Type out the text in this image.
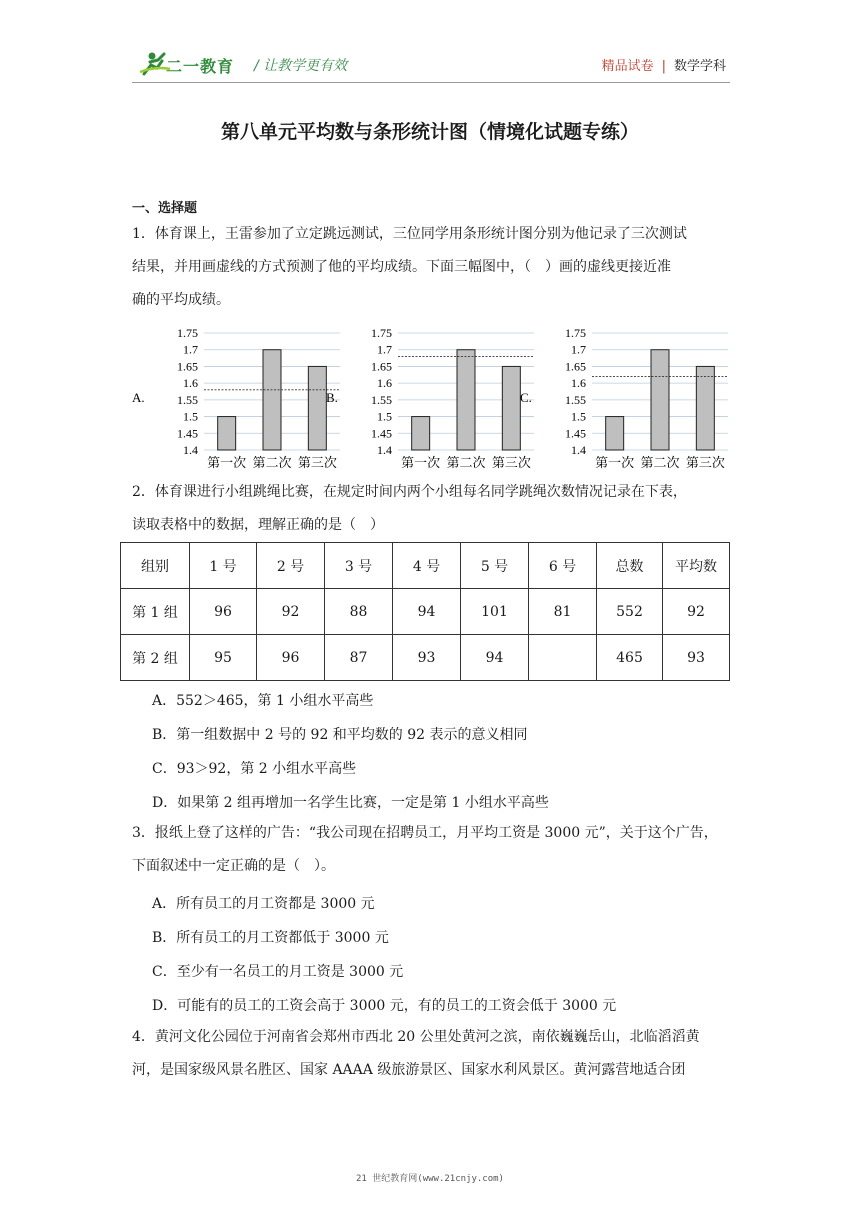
二一教育 / 让教学更有效	精品试卷 | 数学学科
第八单元平均数与条形统计图（情境化试题专练）
一、选择题

1．体育课上，王雷参加了立定跳远测试，三位同学用条形统计图分别为他记录了三次测试

结果，并用画虚线的方式预测了他的平均成绩。下面三幅图中，（　）画的虚线更接近准

确的平均成绩。

A.
1.4
1.45
1.5
1.55
1.6
1.65
1.7
1.75
第一次 第二次 第三次
B.
1.4
1.45
1.5
1.55
1.6
1.65
1.7
1.75
第一次 第二次 第三次
C.
1.4
1.45
1.5
1.55
1.6
1.65
1.7
1.75
第一次 第二次 第三次

2．体育课进行小组跳绳比赛，在规定时间内两个小组每名同学跳绳次数情况记录在下表，

读取表格中的数据，理解正确的是（　）

组别	1 号	2 号	3 号	4 号	5 号	6 号	总数	平均数
第 1 组	96	92	88	94	101	81	552	92
第 2 组	95	96	87	93	94		465	93
A．552＞465，第 1 小组水平高些
B．第一组数据中 2 号的 92 和平均数的 92 表示的意义相同
C．93＞92，第 2 小组水平高些
D．如果第 2 组再增加一名学生比赛，一定是第 1 小组水平高些

3．报纸上登了这样的广告：“我公司现在招聘员工，月平均工资是 3000 元”，关于这个广告，

下面叙述中一定正确的是（　）。

A．所有员工的月工资都是 3000 元
B．所有员工的月工资都低于 3000 元
C．至少有一名员工的月工资是 3000 元
D．可能有的员工的工资会高于 3000 元，有的员工的工资会低于 3000 元

4．黄河文化公园位于河南省会郑州市西北 20 公里处黄河之滨，南依巍巍岳山，北临滔滔黄

河，是国家级风景名胜区、国家 AAAA 级旅游景区、国家水利风景区。黄河露营地适合团

21 世纪教育网(www.21cnjy.com)
